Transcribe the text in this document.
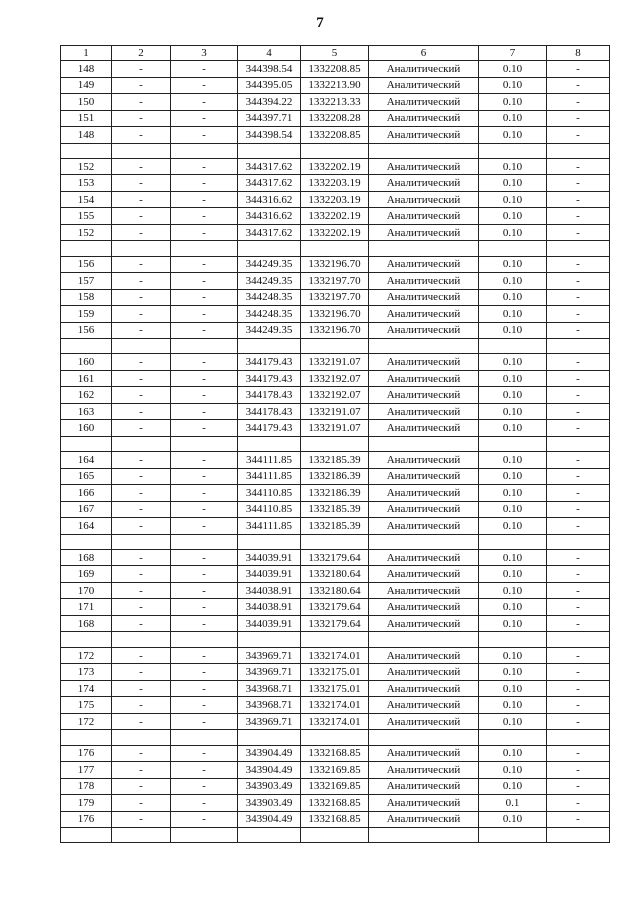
7
1	2	3	4	5	6	7	8
148	-	-	344398.54	1332208.85	Аналитический	0.10	-
149	-	-	344395.05	1332213.90	Аналитический	0.10	-
150	-	-	344394.22	1332213.33	Аналитический	0.10	-
151	-	-	344397.71	1332208.28	Аналитический	0.10	-
148	-	-	344398.54	1332208.85	Аналитический	0.10	-

152	-	-	344317.62	1332202.19	Аналитический	0.10	-
153	-	-	344317.62	1332203.19	Аналитический	0.10	-
154	-	-	344316.62	1332203.19	Аналитический	0.10	-
155	-	-	344316.62	1332202.19	Аналитический	0.10	-
152	-	-	344317.62	1332202.19	Аналитический	0.10	-

156	-	-	344249.35	1332196.70	Аналитический	0.10	-
157	-	-	344249.35	1332197.70	Аналитический	0.10	-
158	-	-	344248.35	1332197.70	Аналитический	0.10	-
159	-	-	344248.35	1332196.70	Аналитический	0.10	-
156	-	-	344249.35	1332196.70	Аналитический	0.10	-

160	-	-	344179.43	1332191.07	Аналитический	0.10	-
161	-	-	344179.43	1332192.07	Аналитический	0.10	-
162	-	-	344178.43	1332192.07	Аналитический	0.10	-
163	-	-	344178.43	1332191.07	Аналитический	0.10	-
160	-	-	344179.43	1332191.07	Аналитический	0.10	-

164	-	-	344111.85	1332185.39	Аналитический	0.10	-
165	-	-	344111.85	1332186.39	Аналитический	0.10	-
166	-	-	344110.85	1332186.39	Аналитический	0.10	-
167	-	-	344110.85	1332185.39	Аналитический	0.10	-
164	-	-	344111.85	1332185.39	Аналитический	0.10	-

168	-	-	344039.91	1332179.64	Аналитический	0.10	-
169	-	-	344039.91	1332180.64	Аналитический	0.10	-
170	-	-	344038.91	1332180.64	Аналитический	0.10	-
171	-	-	344038.91	1332179.64	Аналитический	0.10	-
168	-	-	344039.91	1332179.64	Аналитический	0.10	-

172	-	-	343969.71	1332174.01	Аналитический	0.10	-
173	-	-	343969.71	1332175.01	Аналитический	0.10	-
174	-	-	343968.71	1332175.01	Аналитический	0.10	-
175	-	-	343968.71	1332174.01	Аналитический	0.10	-
172	-	-	343969.71	1332174.01	Аналитический	0.10	-

176	-	-	343904.49	1332168.85	Аналитический	0.10	-
177	-	-	343904.49	1332169.85	Аналитический	0.10	-
178	-	-	343903.49	1332169.85	Аналитический	0.10	-
179	-	-	343903.49	1332168.85	Аналитический	0.1	-
176	-	-	343904.49	1332168.85	Аналитический	0.10	-
